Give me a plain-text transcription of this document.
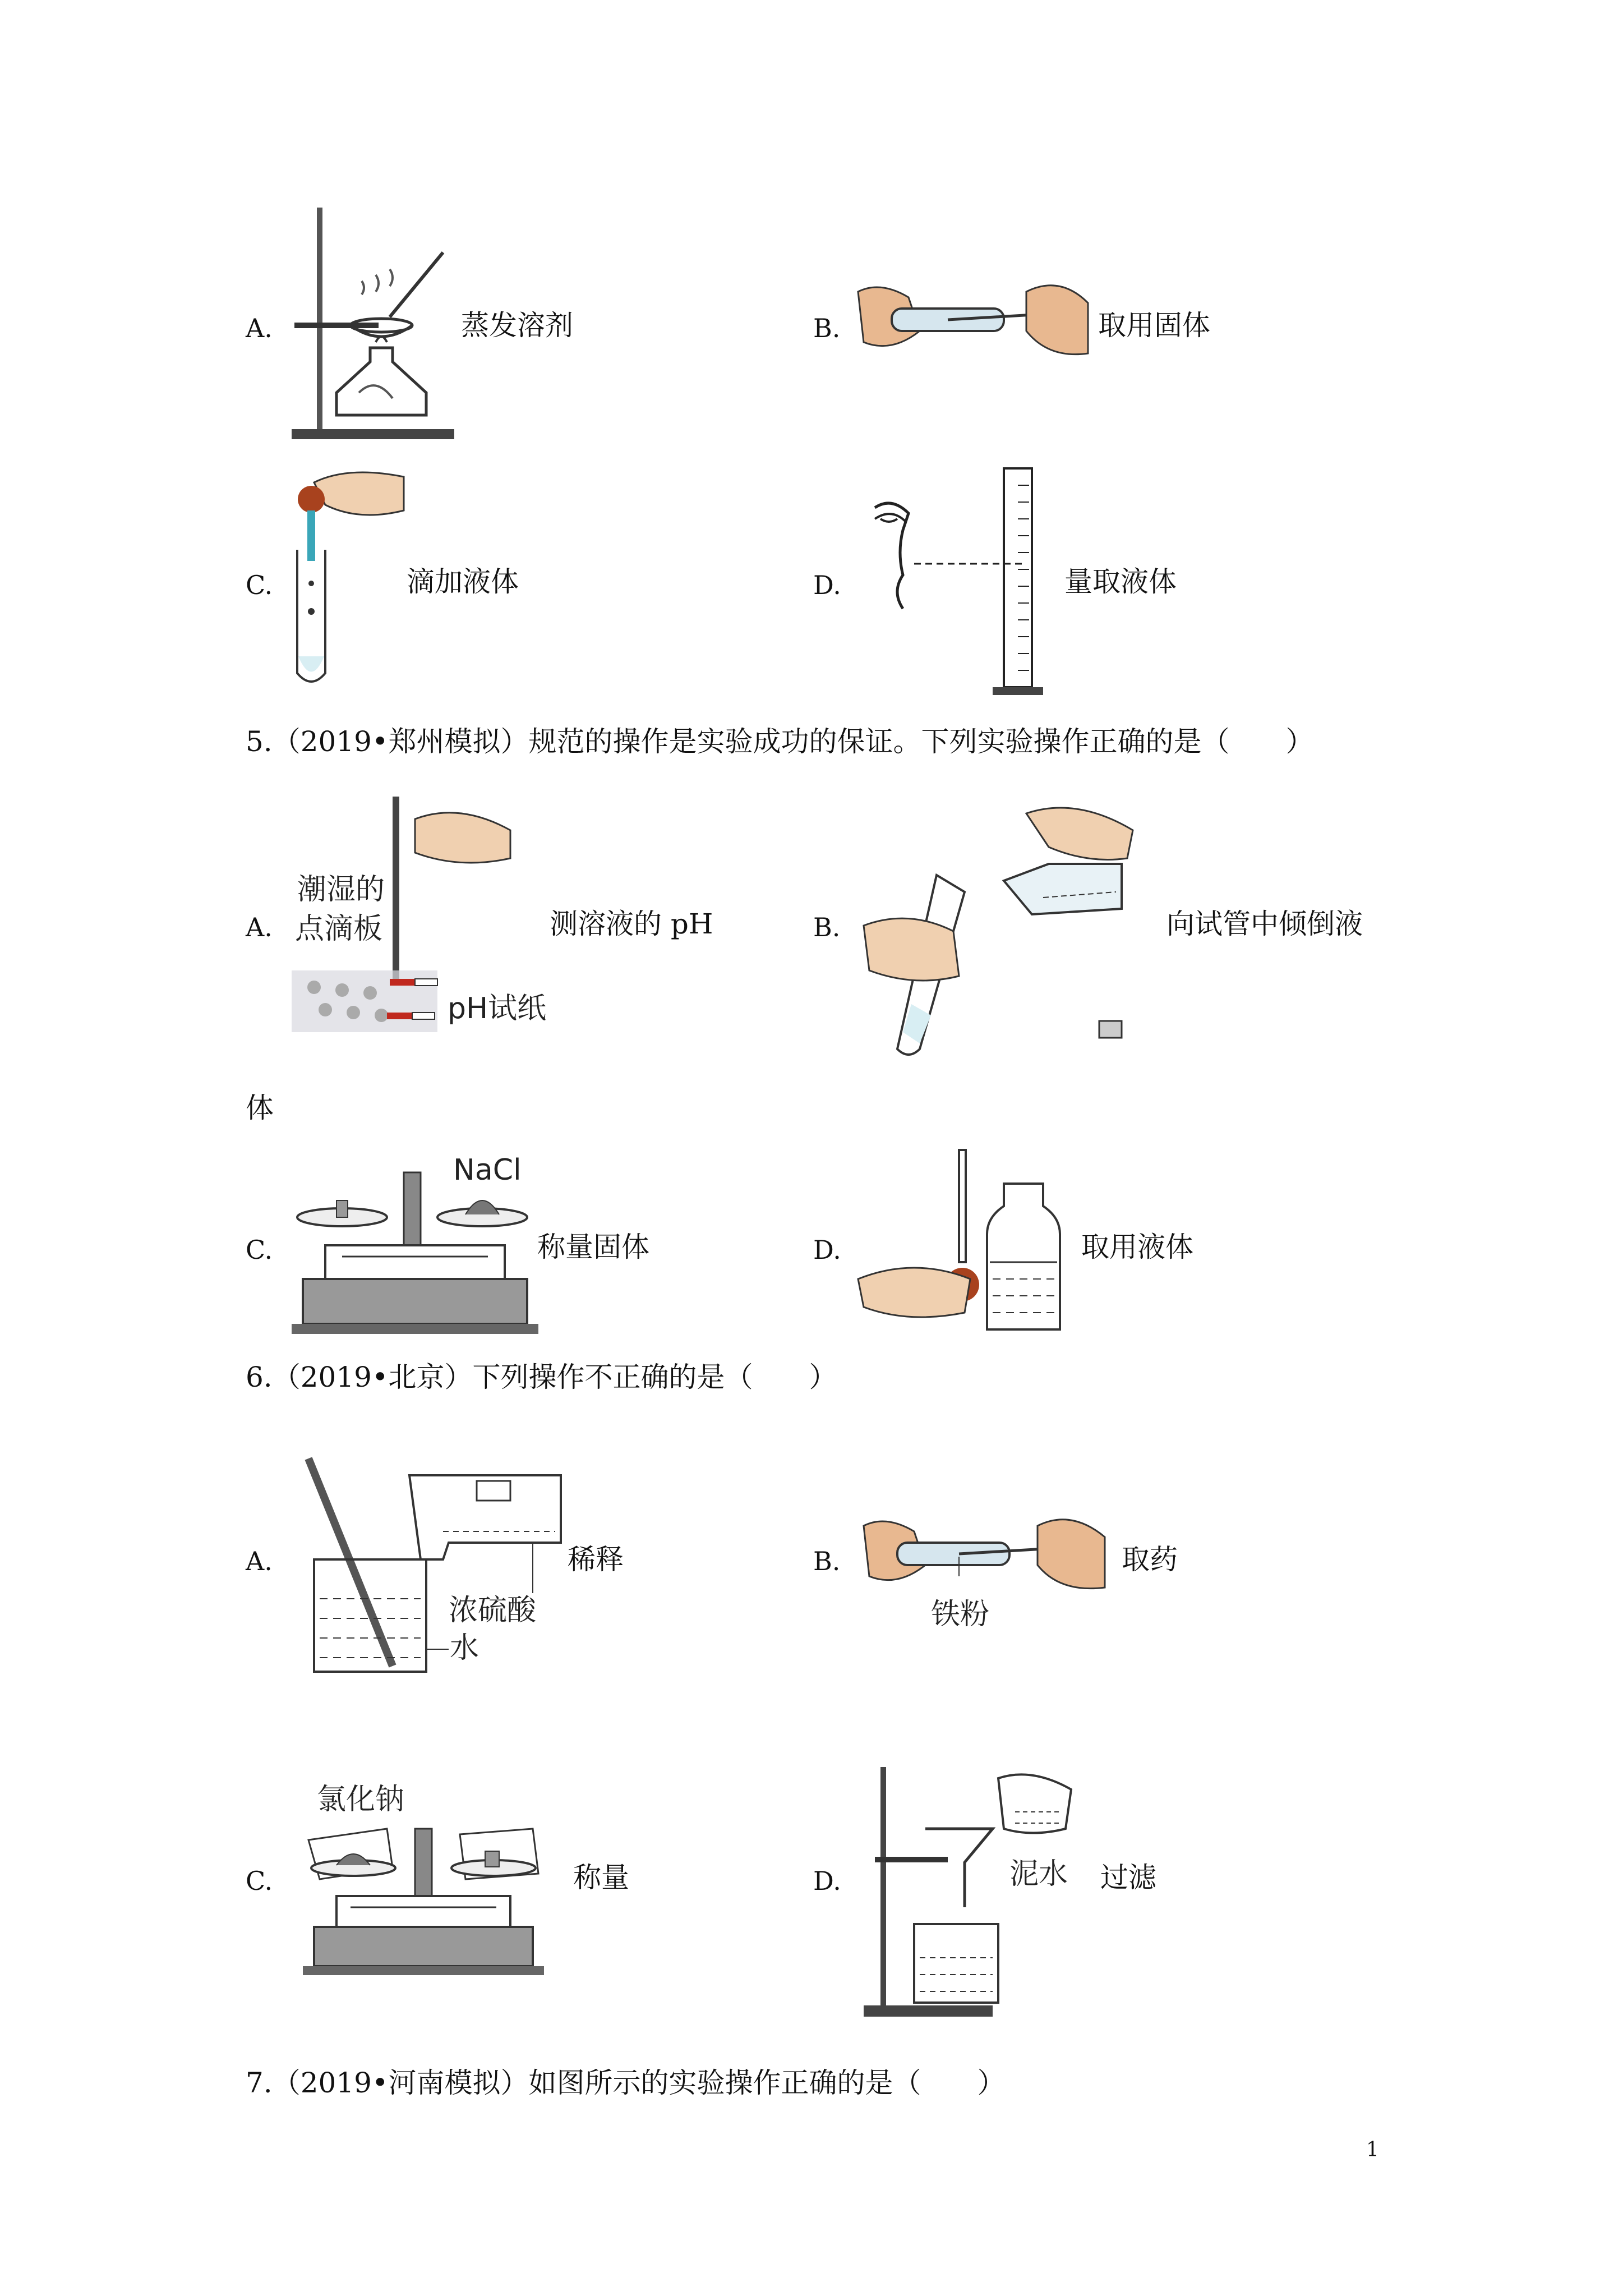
A.	蒸发溶剂	B.	取用固体
C.	滴加液体	D.	量取液体
5.（2019•郑州模拟）规范的操作是实验成功的保证。下列实验操作正确的是（　　）
A.
潮湿的
点滴板
pH试纸
测溶液的 pH	B.	向试管中倾倒液
体
C.
NaCl
称量固体	D.	取用液体
6.（2019•北京）下列操作不正确的是（　　）
A.	稀释
浓硫酸
水
B.
铁粉
取药
C.
氯化钠
称量	D.	泥水 过滤
7.（2019•河南模拟）如图所示的实验操作正确的是（　　）
1
